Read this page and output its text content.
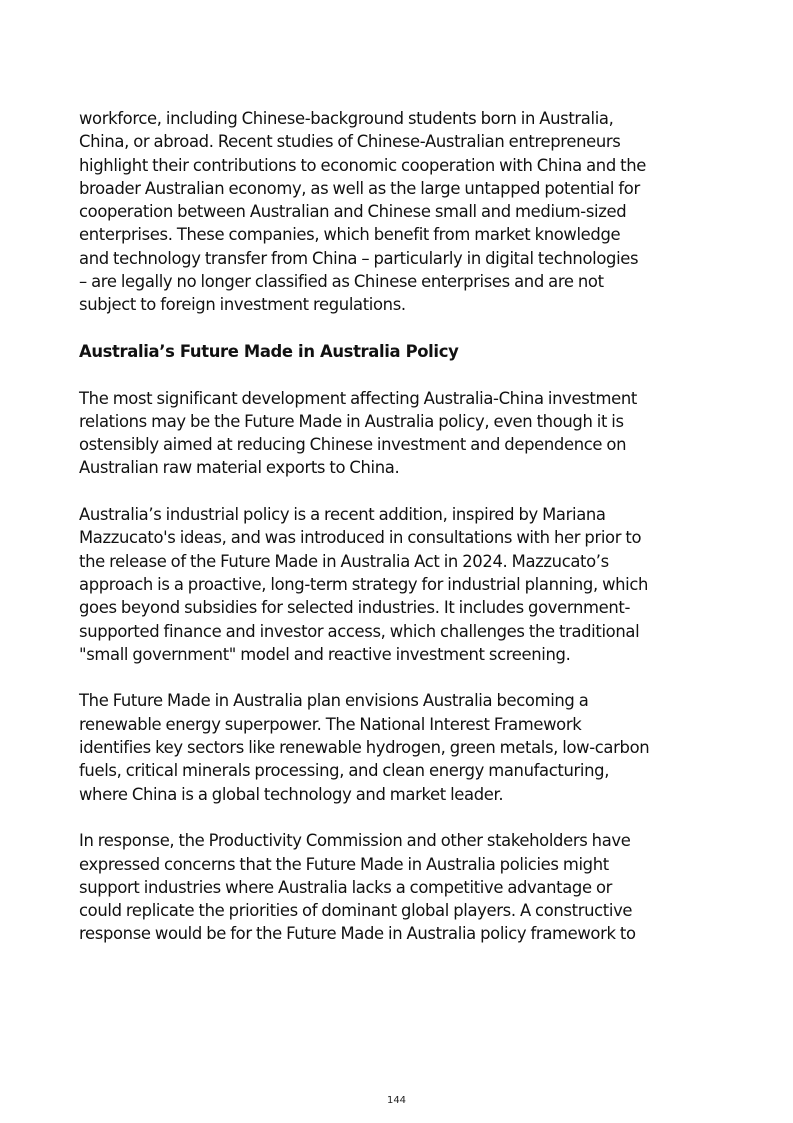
workforce, including Chinese-background students born in Australia,
China, or abroad. Recent studies of Chinese-Australian entrepreneurs
highlight their contributions to economic cooperation with China and the
broader Australian economy, as well as the large untapped potential for
cooperation between Australian and Chinese small and medium-sized
enterprises. These companies, which benefit from market knowledge
and technology transfer from China – particularly in digital technologies
– are legally no longer classified as Chinese enterprises and are not
subject to foreign investment regulations.
Australia’s Future Made in Australia Policy
The most significant development affecting Australia-China investment
relations may be the Future Made in Australia policy, even though it is
ostensibly aimed at reducing Chinese investment and dependence on
Australian raw material exports to China.
Australia’s industrial policy is a recent addition, inspired by Mariana
Mazzucato's ideas, and was introduced in consultations with her prior to
the release of the Future Made in Australia Act in 2024. Mazzucato’s
approach is a proactive, long-term strategy for industrial planning, which
goes beyond subsidies for selected industries. It includes government-
supported finance and investor access, which challenges the traditional
"small government" model and reactive investment screening.
The Future Made in Australia plan envisions Australia becoming a
renewable energy superpower. The National Interest Framework
identifies key sectors like renewable hydrogen, green metals, low-carbon
fuels, critical minerals processing, and clean energy manufacturing,
where China is a global technology and market leader.
In response, the Productivity Commission and other stakeholders have
expressed concerns that the Future Made in Australia policies might
support industries where Australia lacks a competitive advantage or
could replicate the priorities of dominant global players. A constructive
response would be for the Future Made in Australia policy framework to
144
